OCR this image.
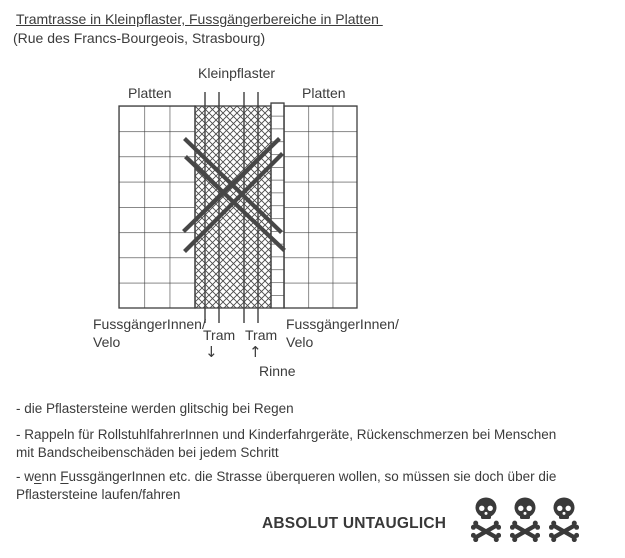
Tramtrasse in Kleinpflaster, Fussgängerbereiche in Platten
(Rue des Francs-Bourgeois, Strasbourg)
Kleinpflaster
Platten	Platten
FussgängerInnen/
Velo	Tram Tram
FussgängerInnen/
Velo
↓ ↑
Rinne
- die Pflastersteine werden glitschig bei Regen
- Rappeln für RollstuhlfahrerInnen und Kinderfahrgeräte, Rückenschmerzen bei Menschen
mit Bandscheibenschäden bei jedem Schritt
- wenn FussgängerInnen etc. die Strasse überqueren wollen, so müssen sie doch über die
Pflastersteine laufen/fahren
ABSOLUT UNTAUGLICH
